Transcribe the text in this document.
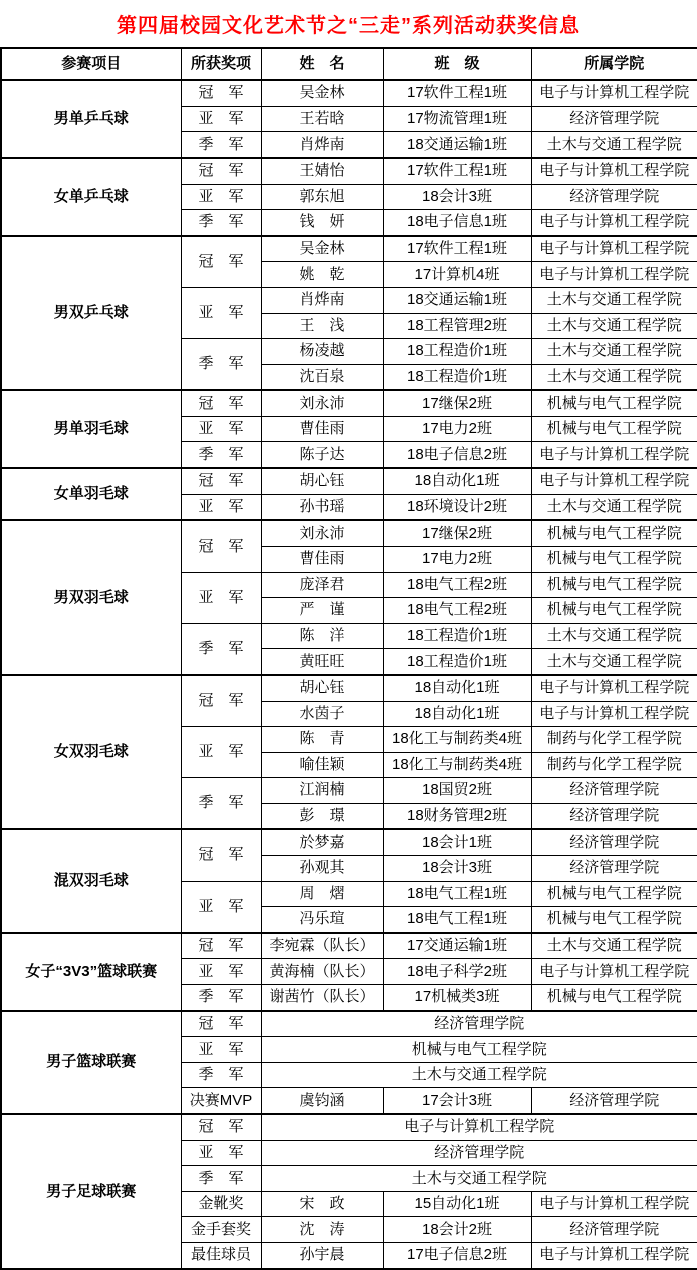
第四届校园文化艺术节之“三走”系列活动获奖信息
参赛项目	所获奖项	姓　名	班　级	所属学院
男单乒乓球	冠　军	吴金林	17软件工程1班	电子与计算机工程学院
	亚　军	王若晗	17物流管理1班	经济管理学院
	季　军	肖烨南	18交通运输1班	土木与交通工程学院
女单乒乓球	冠　军	王婧怡	17软件工程1班	电子与计算机工程学院
	亚　军	郭东旭	18会计3班	经济管理学院
	季　军	钱　妍	18电子信息1班	电子与计算机工程学院
男双乒乓球	冠　军	吴金林	17软件工程1班	电子与计算机工程学院
		姚　乾	17计算机4班	电子与计算机工程学院
	亚　军	肖烨南	18交通运输1班	土木与交通工程学院
		王　浅	18工程管理2班	土木与交通工程学院
	季　军	杨凌越	18工程造价1班	土木与交通工程学院
		沈百泉	18工程造价1班	土木与交通工程学院
男单羽毛球	冠　军	刘永沛	17继保2班	机械与电气工程学院
	亚　军	曹佳雨	17电力2班	机械与电气工程学院
	季　军	陈子达	18电子信息2班	电子与计算机工程学院
女单羽毛球	冠　军	胡心钰	18自动化1班	电子与计算机工程学院
	亚　军	孙书瑶	18环境设计2班	土木与交通工程学院
男双羽毛球	冠　军	刘永沛	17继保2班	机械与电气工程学院
		曹佳雨	17电力2班	机械与电气工程学院
	亚　军	庞泽君	18电气工程2班	机械与电气工程学院
		严　谨	18电气工程2班	机械与电气工程学院
	季　军	陈　洋	18工程造价1班	土木与交通工程学院
		黄旺旺	18工程造价1班	土木与交通工程学院
女双羽毛球	冠　军	胡心钰	18自动化1班	电子与计算机工程学院
		水茵子	18自动化1班	电子与计算机工程学院
	亚　军	陈　青	18化工与制药类4班	制药与化学工程学院
		喻佳颖	18化工与制药类4班	制药与化学工程学院
	季　军	江润楠	18国贸2班	经济管理学院
		彭　璟	18财务管理2班	经济管理学院
混双羽毛球	冠　军	於梦嘉	18会计1班	经济管理学院
		孙观其	18会计3班	经济管理学院
	亚　军	周　熠	18电气工程1班	机械与电气工程学院
		冯乐瑄	18电气工程1班	机械与电气工程学院
女子“3V3”篮球联赛	冠　军	李宛霖（队长）	17交通运输1班	土木与交通工程学院
	亚　军	黄海楠（队长）	18电子科学2班	电子与计算机工程学院
	季　军	谢茜竹（队长）	17机械类3班	机械与电气工程学院
男子篮球联赛	冠　军	经济管理学院		
	亚　军	机械与电气工程学院		
	季　军	土木与交通工程学院		
	决赛MVP	虞钧涵	17会计3班	经济管理学院
男子足球联赛	冠　军	电子与计算机工程学院		
	亚　军	经济管理学院		
	季　军	土木与交通工程学院		
	金靴奖	宋　政	15自动化1班	电子与计算机工程学院
	金手套奖	沈　涛	18会计2班	经济管理学院
	最佳球员	孙宇晨	17电子信息2班	电子与计算机工程学院
